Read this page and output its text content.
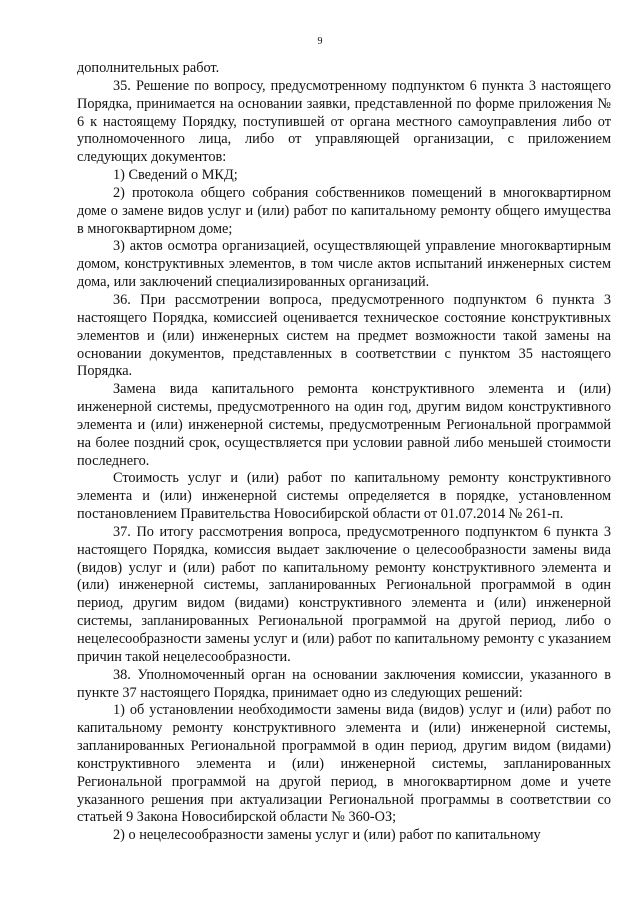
9

дополнительных работ.

35. Решение по вопросу, предусмотренному подпунктом 6 пункта 3 настоящего Порядка, принимается на основании заявки, представленной по форме приложения № 6 к настоящему Порядку, поступившей от органа местного самоуправления либо от уполномоченного лица, либо от управляющей организации, с приложением следующих документов:

1) Сведений о МКД;

2) протокола общего собрания собственников помещений в многоквартирном доме о замене видов услуг и (или) работ по капитальному ремонту общего имущества в многоквартирном доме;

3) актов осмотра организацией, осуществляющей управление многоквартирным домом, конструктивных элементов, в том числе актов испытаний инженерных систем дома, или заключений специализированных организаций.

36. При рассмотрении вопроса, предусмотренного подпунктом 6 пункта 3 настоящего Порядка, комиссией оценивается техническое состояние конструктивных элементов и (или) инженерных систем на предмет возможности такой замены на основании документов, представленных в соответствии с пунктом 35 настоящего Порядка.

Замена вида капитального ремонта конструктивного элемента и (или) инженерной системы, предусмотренного на один год, другим видом конструктивного элемента и (или) инженерной системы, предусмотренным Региональной программой на более поздний срок, осуществляется при условии равной либо меньшей стоимости последнего.

Стоимость услуг и (или) работ по капитальному ремонту конструктивного элемента и (или) инженерной системы определяется в порядке, установленном постановлением Правительства Новосибирской области от 01.07.2014 № 261-п.

37. По итогу рассмотрения вопроса, предусмотренного подпунктом 6 пункта 3 настоящего Порядка, комиссия выдает заключение о целесообразности замены вида (видов) услуг и (или) работ по капитальному ремонту конструктивного элемента и (или) инженерной системы, запланированных Региональной программой в один период, другим видом (видами) конструктивного элемента и (или) инженерной системы, запланированных Региональной программой на другой период, либо о нецелесообразности замены услуг и (или) работ по капитальному ремонту с указанием причин такой нецелесообразности.

38. Уполномоченный орган на основании заключения комиссии, указанного в пункте 37 настоящего Порядка, принимает одно из следующих решений:

1) об установлении необходимости замены вида (видов) услуг и (или) работ по капитальному ремонту конструктивного элемента и (или) инженерной системы, запланированных Региональной программой в один период, другим видом (видами) конструктивного элемента и (или) инженерной системы, запланированных Региональной программой на другой период, в многоквартирном доме и учете указанного решения при актуализации Региональной программы в соответствии со статьей 9 Закона Новосибирской области № 360-ОЗ;

2) о нецелесообразности замены услуг и (или) работ по капитальному
